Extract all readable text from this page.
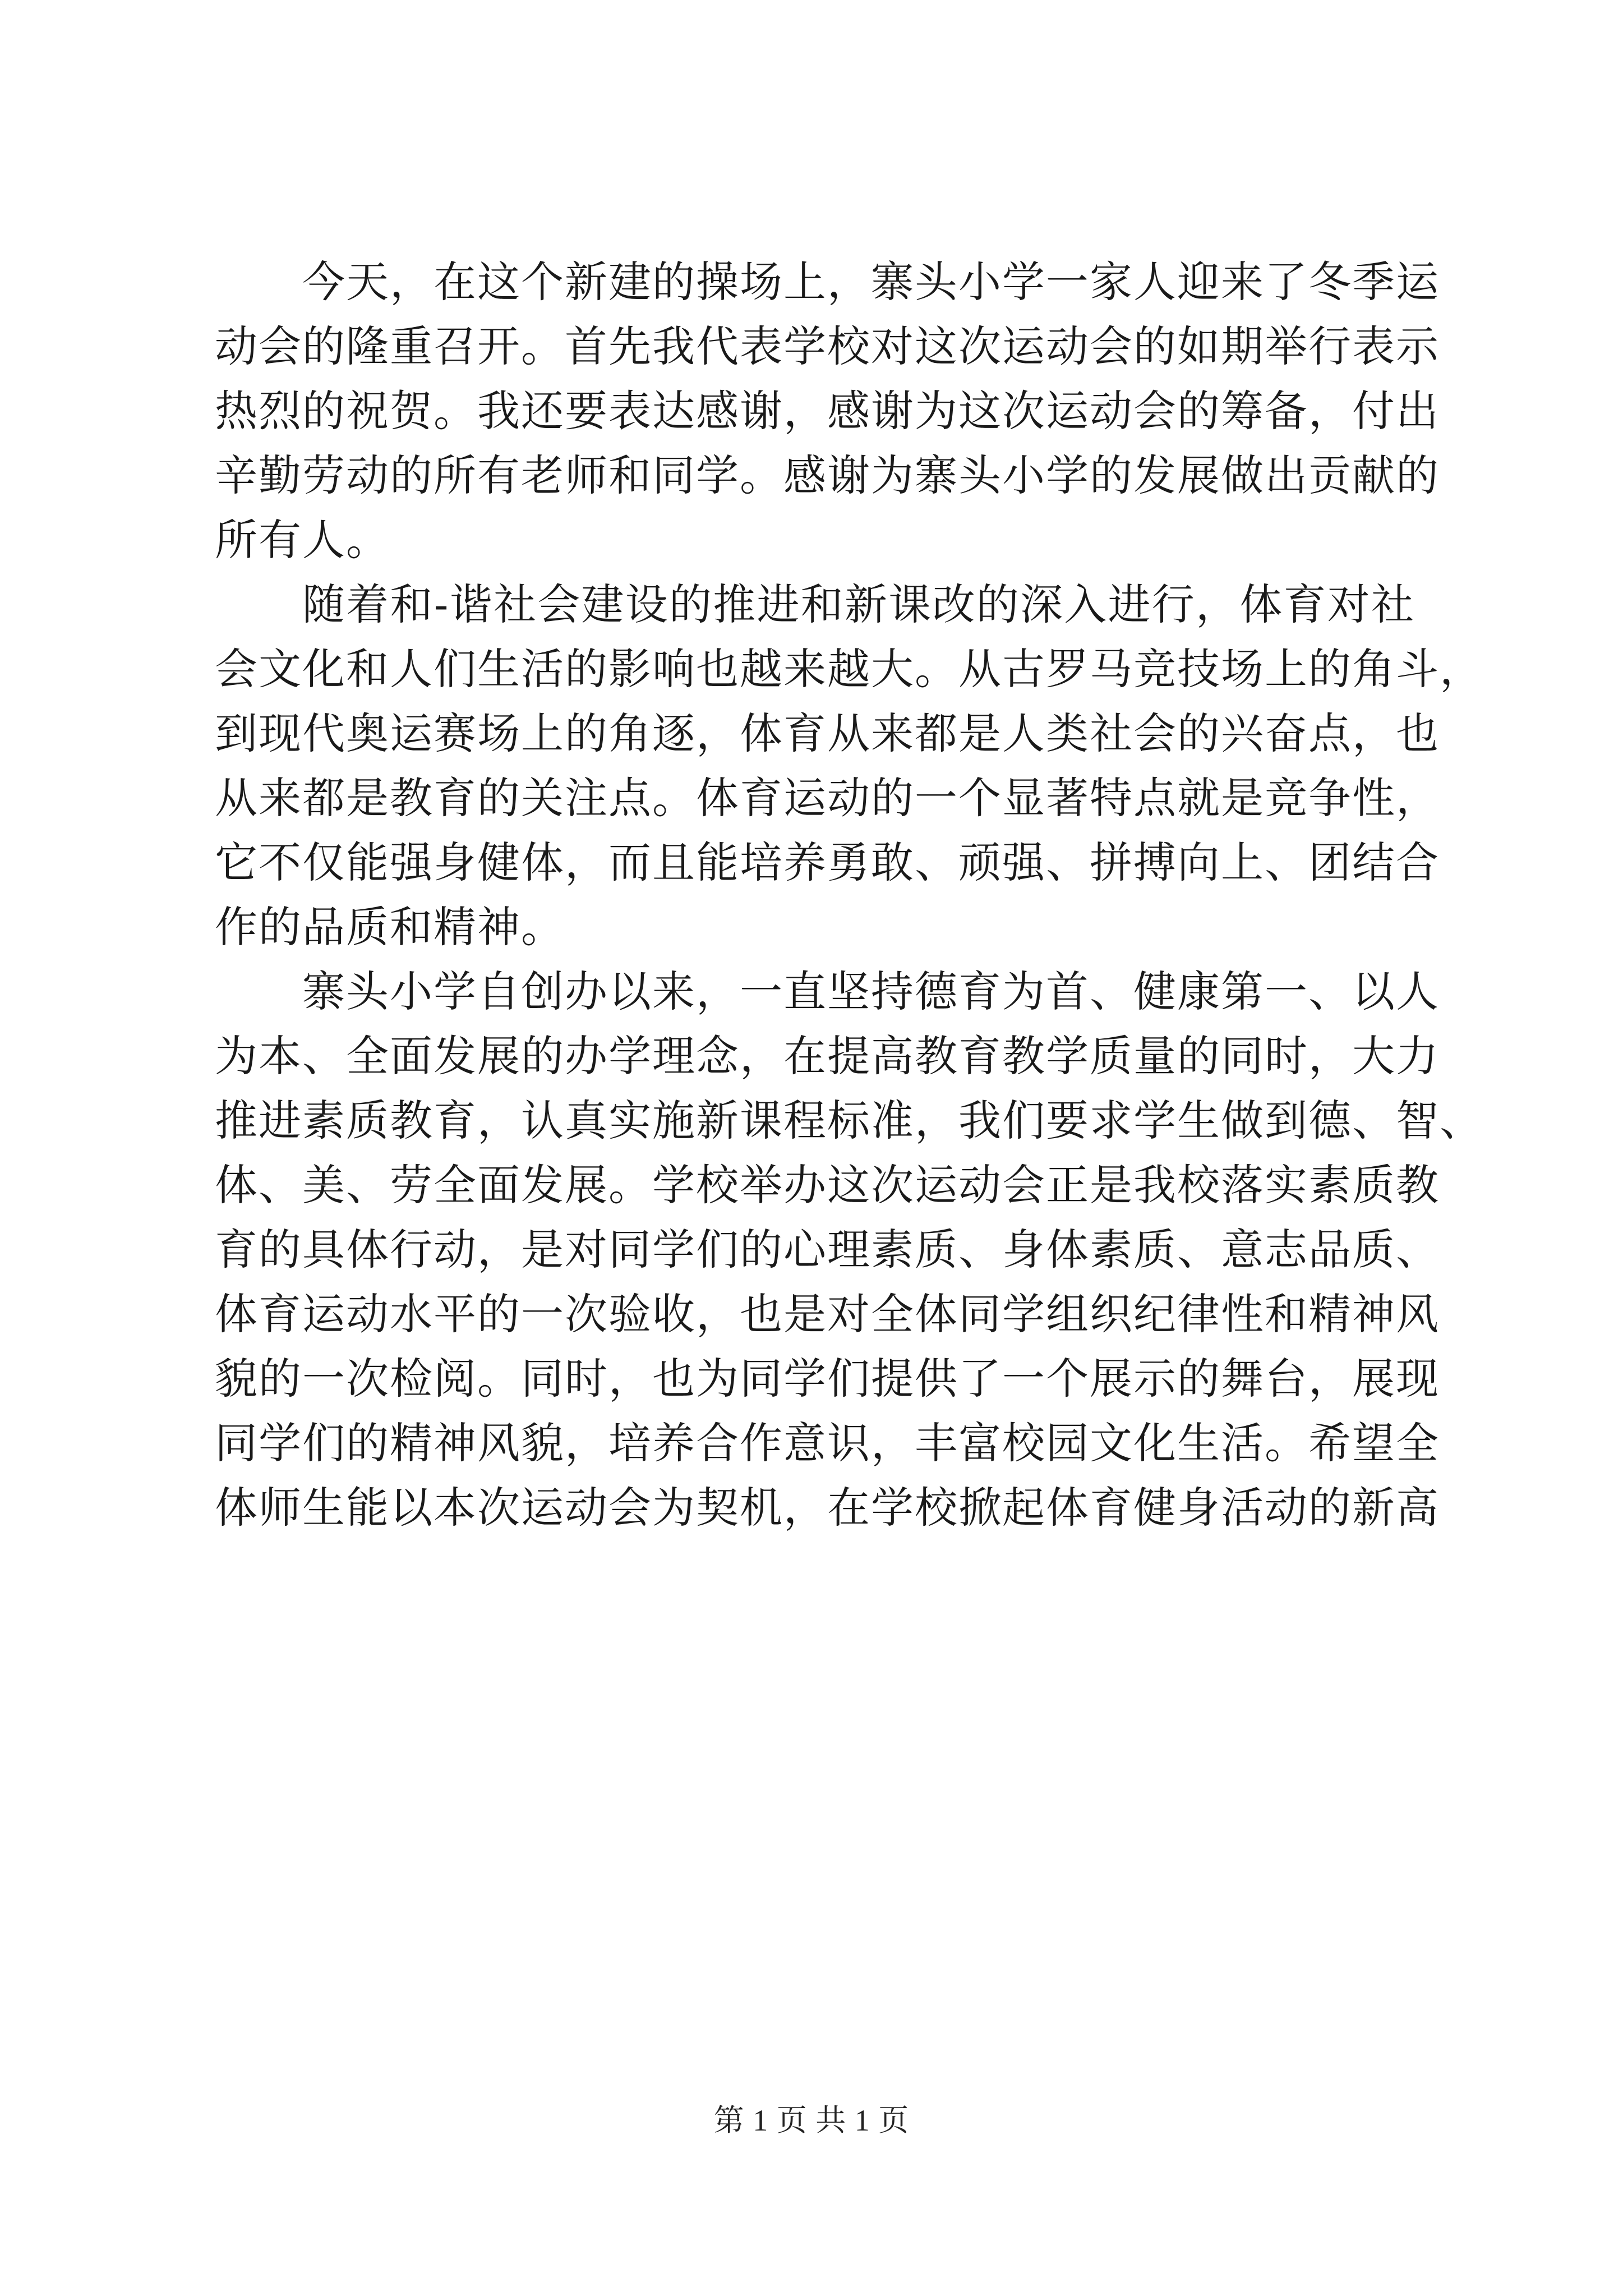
今天，在这个新建的操场上，寨头小学一家人迎来了冬季运
动会的隆重召开。首先我代表学校对这次运动会的如期举行表示
热烈的祝贺。我还要表达感谢，感谢为这次运动会的筹备，付出
辛勤劳动的所有老师和同学。感谢为寨头小学的发展做出贡献的
所有人。
随着和-谐社会建设的推进和新课改的深入进行，体育对社
会文化和人们生活的影响也越来越大。从古罗马竞技场上的角斗，
到现代奥运赛场上的角逐，体育从来都是人类社会的兴奋点，也
从来都是教育的关注点。体育运动的一个显著特点就是竞争性，
它不仅能强身健体，而且能培养勇敢、顽强、拼搏向上、团结合
作的品质和精神。
寨头小学自创办以来，一直坚持德育为首、健康第一、以人
为本、全面发展的办学理念，在提高教育教学质量的同时，大力
推进素质教育，认真实施新课程标准，我们要求学生做到德、智、
体、美、劳全面发展。学校举办这次运动会正是我校落实素质教
育的具体行动，是对同学们的心理素质、身体素质、意志品质、
体育运动水平的一次验收，也是对全体同学组织纪律性和精神风
貌的一次检阅。同时，也为同学们提供了一个展示的舞台，展现
同学们的精神风貌，培养合作意识，丰富校园文化生活。希望全
体师生能以本次运动会为契机，在学校掀起体育健身活动的新高
第 1 页 共 1 页
